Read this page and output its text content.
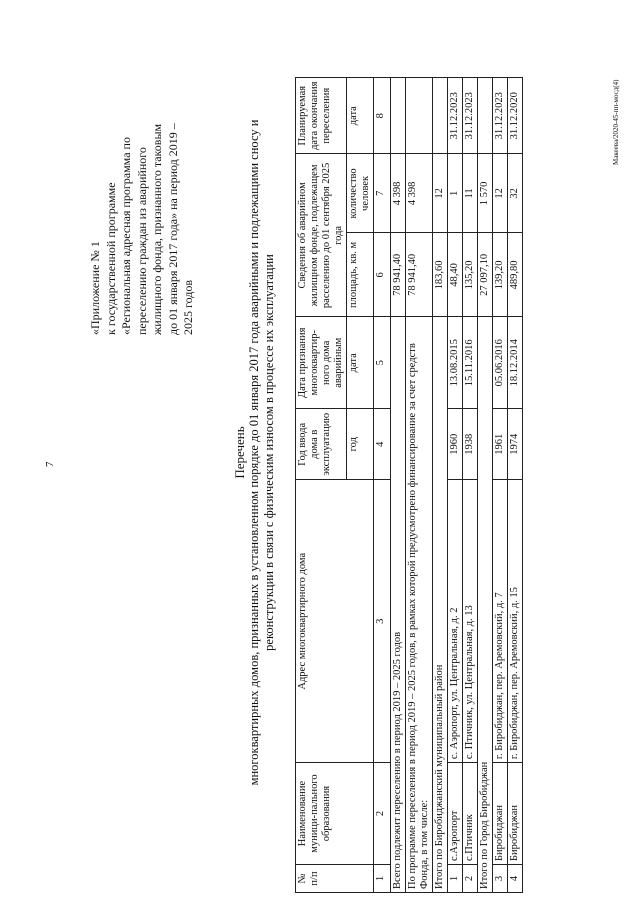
7
«Приложение № 1 к государственной программе «Региональная адресная программа по переселению граждан из аварийного жилищного фонда, признанного таковым до 01 января 2017 года» на период 2019 – 2025 годов
Перечень многоквартирных домов, признанных в установленном порядке до 01 января 2017 года аварийными и подлежащими сносу и реконструкции в связи с физическим износом в процессе их эксплуатации
№ п/п	Наименование муници-пального образования	Адрес многоквартирного дома	Год ввода дома в эксплуатацию	Дата признания многоквартир-ного дома аварийным	Сведения об аварийном жилищном фонде, подлежащем расселению до 01 сентября 2025 года		Планируемая дата окончания переселения
			год	дата	площадь, кв. м	количество человек	дата
1	2	3	4	5	6	7	8
Всего подлежит переселению в период 2019 – 2025 годов					78 941,40	4 398	
По программе переселения в период 2019 – 2025 годов, в рамках которой предусмотрено финансирование за счет средств Фонда, в том числе:					78 941,40	4 398	
Итого по Биробиджанский муниципальный район					183,60	12	
1	с.Аэропорт	с. Аэропорт, ул. Центральная, д. 2	1960	13.08.2015	48,40	1	31.12.2023
2	с.Птичник	с. Птичник, ул. Центральная, д. 13	1938	15.11.2016	135,20	11	31.12.2023
Итого по Город Биробиджан					27 097,10	1 570	
3	Биробиджан	г. Биробиджан, пер. Аремовский, д. 7	1961	05.06.2016	139,20	12	31.12.2023
4	Биробиджан	г. Биробиджан, пер. Аремовский, д. 15	1974	18.12.2014	489,80	32	31.12.2020	Mакеева/2020-45-пп-мосд(4)
